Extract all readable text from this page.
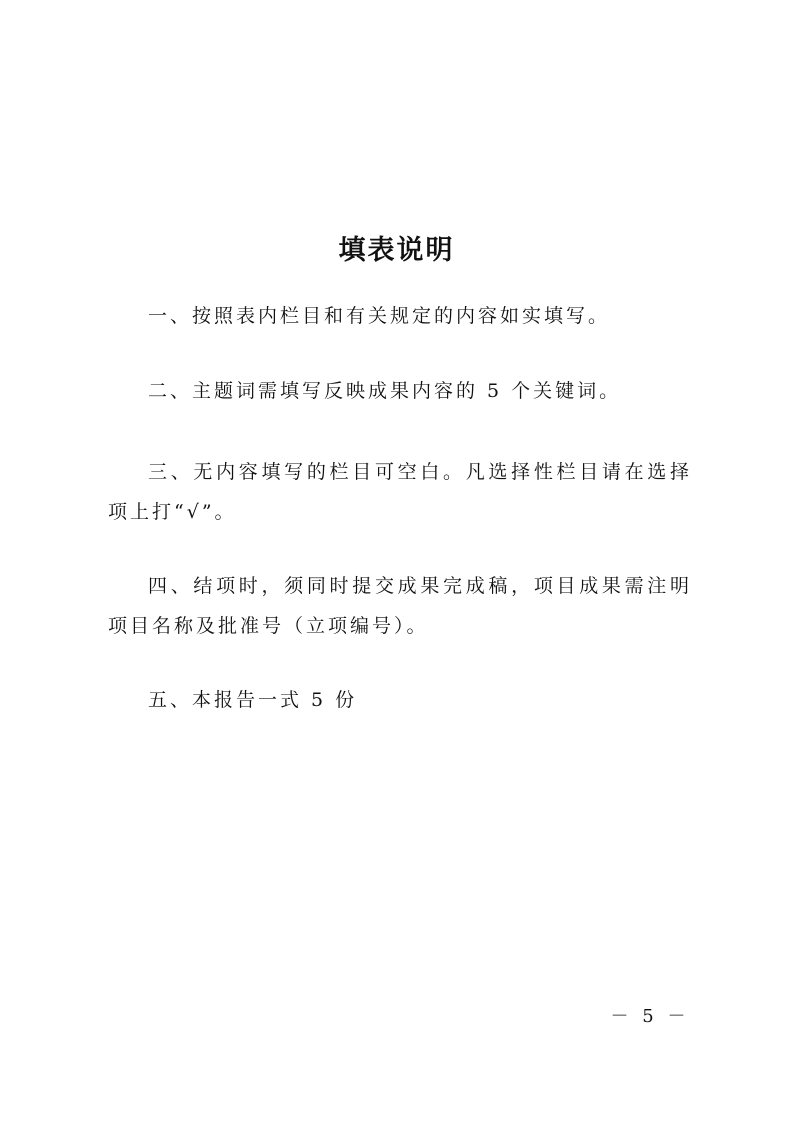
填表说明

一、按照表内栏目和有关规定的内容如实填写。

二、主题词需填写反映成果内容的 5 个关键词。

三、无内容填写的栏目可空白。凡选择性栏目请在选择项上打“√”。

四、结项时，须同时提交成果完成稿，项目成果需注明项目名称及批准号（立项编号）。

五、本报告一式 5 份

－ 5 －
